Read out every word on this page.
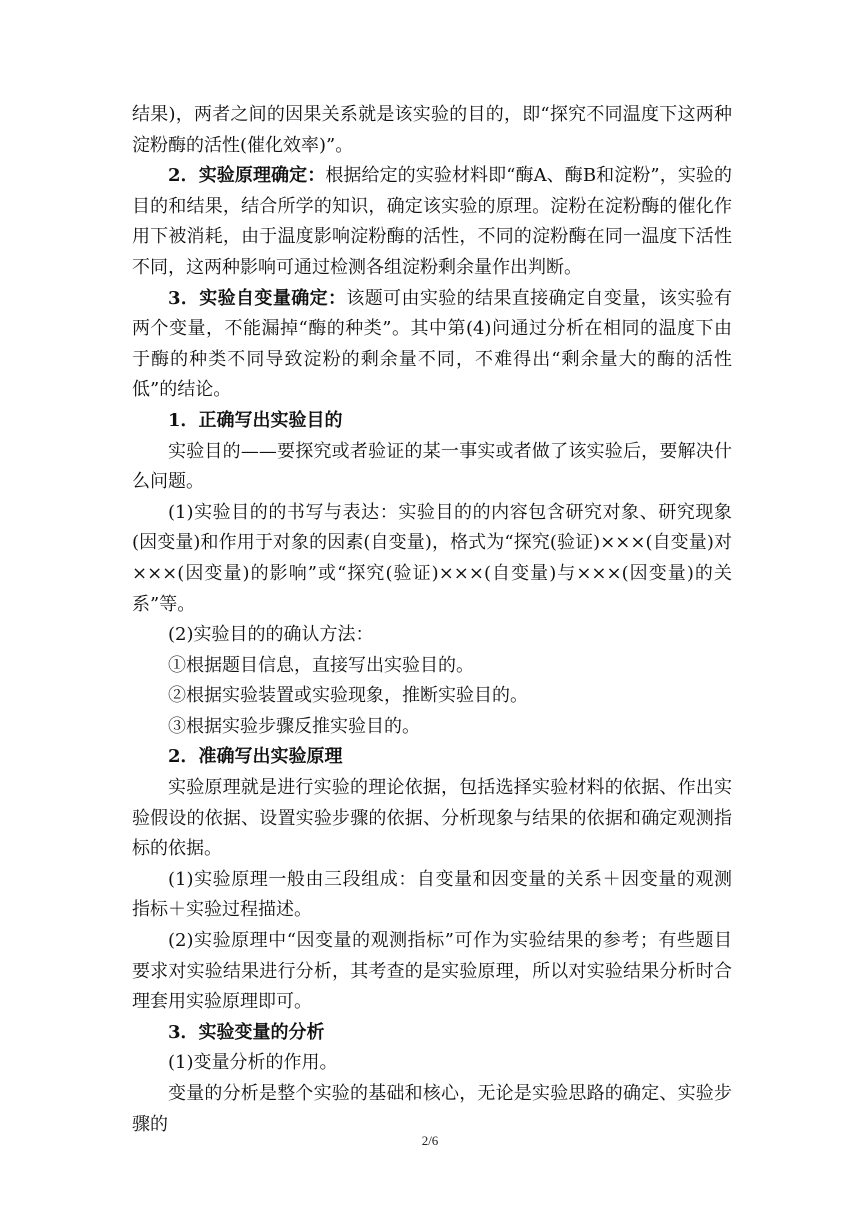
结果)，两者之间的因果关系就是该实验的目的，即“探究不同温度下这两种淀粉酶的活性(催化效率)”。

2．实验原理确定：根据给定的实验材料即“酶A、酶B和淀粉”，实验的目的和结果，结合所学的知识，确定该实验的原理。淀粉在淀粉酶的催化作用下被消耗，由于温度影响淀粉酶的活性，不同的淀粉酶在同一温度下活性不同，这两种影响可通过检测各组淀粉剩余量作出判断。

3．实验自变量确定：该题可由实验的结果直接确定自变量，该实验有两个变量，不能漏掉“酶的种类”。其中第(4)问通过分析在相同的温度下由于酶的种类不同导致淀粉的剩余量不同，不难得出“剩余量大的酶的活性低”的结论。

1．正确写出实验目的

实验目的——要探究或者验证的某一事实或者做了该实验后，要解决什么问题。

(1)实验目的的书写与表达：实验目的的内容包含研究对象、研究现象(因变量)和作用于对象的因素(自变量)，格式为“探究(验证)×××(自变量)对×××(因变量)的影响”或“探究(验证)×××(自变量)与×××(因变量)的关系”等。

(2)实验目的的确认方法：

①根据题目信息，直接写出实验目的。

②根据实验装置或实验现象，推断实验目的。

③根据实验步骤反推实验目的。

2．准确写出实验原理

实验原理就是进行实验的理论依据，包括选择实验材料的依据、作出实验假设的依据、设置实验步骤的依据、分析现象与结果的依据和确定观测指标的依据。

(1)实验原理一般由三段组成：自变量和因变量的关系＋因变量的观测指标＋实验过程描述。

(2)实验原理中“因变量的观测指标”可作为实验结果的参考；有些题目要求对实验结果进行分析，其考查的是实验原理，所以对实验结果分析时合理套用实验原理即可。

3．实验变量的分析

(1)变量分析的作用。

变量的分析是整个实验的基础和核心，无论是实验思路的确定、实验步骤的

2/6
